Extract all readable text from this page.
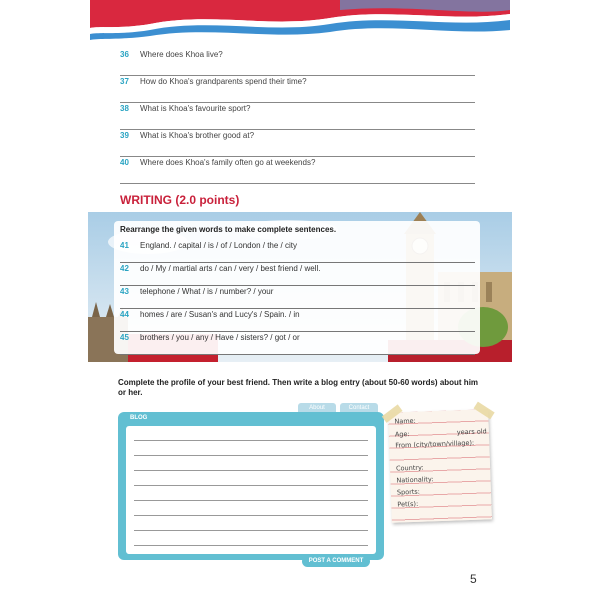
36 Where does Khoa live?
37 How do Khoa's grandparents spend their time?
38 What is Khoa's favourite sport?
39 What is Khoa's brother good at?
40 Where does Khoa's family often go at weekends?
WRITING (2.0 points)
Rearrange the given words to make complete sentences.
41 England. / capital / is / of / London / the / city
42 do / My / martial arts / can / very / best friend / well.
43 telephone / What / is / number? / your
44 homes / are / Susan's and Lucy's / Spain. / in
45 brothers / you / any / Have / sisters? / got / or
Complete the profile of your best friend. Then write a blog entry (about 50-60 words) about him or her.
About	Contact
BLOG
POST A COMMENT
Name:
Age:	years old
From (city/town/village):
Country:
Nationality:
Sports:
Pet(s):
5
